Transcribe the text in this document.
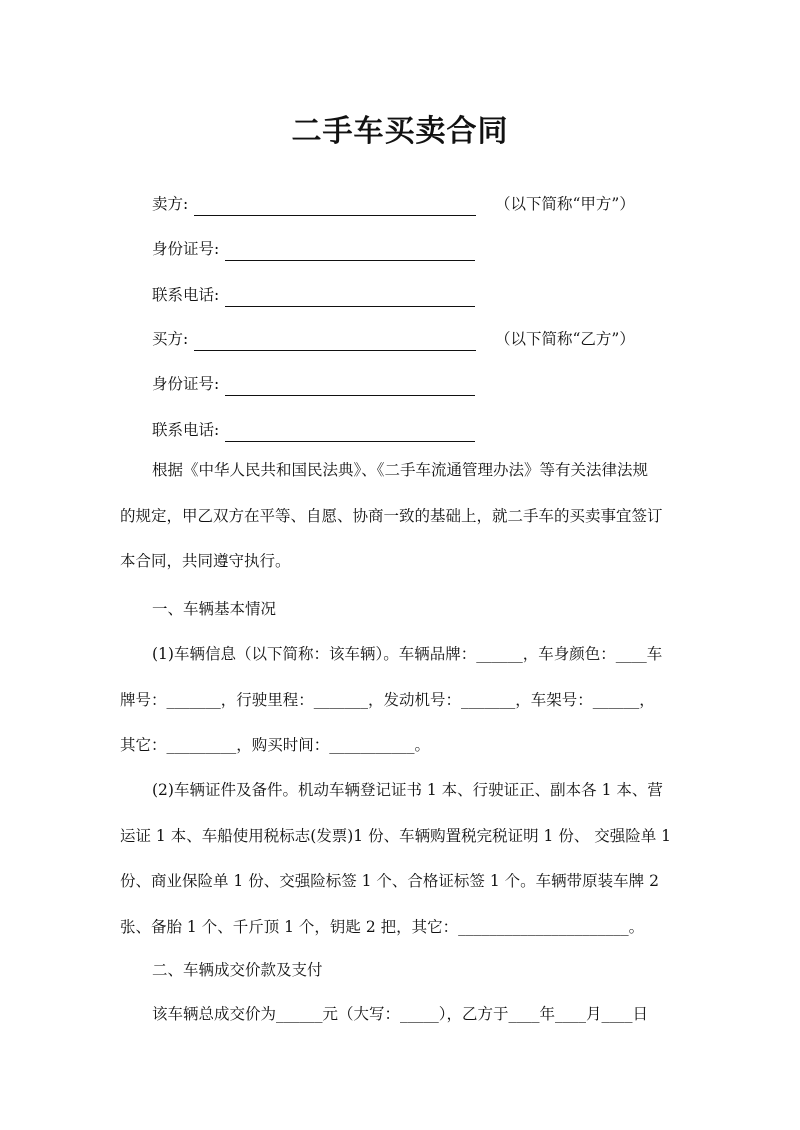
二手车买卖合同
卖方:	（以下简称“甲方”）
身份证号:
联系电话:
买方:	（以下简称“乙方”）
身份证号:
联系电话:
根据《中华人民共和国民法典》、《二手车流通管理办法》等有关法律法规
的规定，甲乙双方在平等、自愿、协商一致的基础上，就二手车的买卖事宜签订
本合同，共同遵守执行。
一、车辆基本情况
(1)车辆信息（以下简称：该车辆）。车辆品牌：______，车身颜色：____车
牌号：_______，行驶里程：_______，发动机号：_______，车架号：______，
其它：_________，购买时间：___________。
(2)车辆证件及备件。机动车辆登记证书 1 本、行驶证正、副本各 1 本、营
运证 1 本、车船使用税标志(发票)1 份、车辆购置税完税证明 1 份、 交强险单 1
份、商业保险单 1 份、交强险标签 1 个、合格证标签 1 个。车辆带原装车牌 2
张、备胎 1 个、千斤顶 1 个，钥匙 2 把，其它：______________________。
二、车辆成交价款及支付
该车辆总成交价为______元（大写：_____），乙方于____年____月____日
